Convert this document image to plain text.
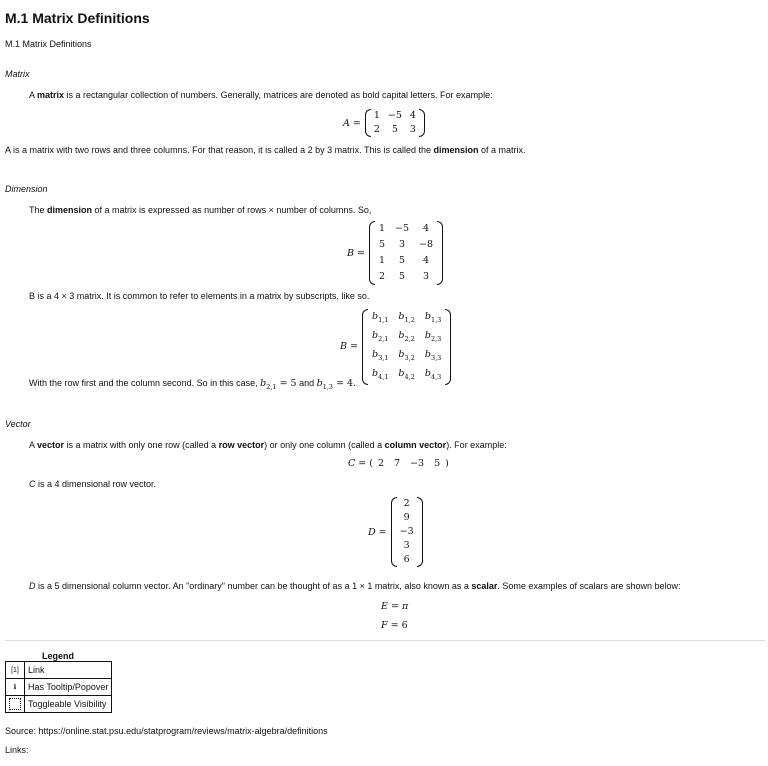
M.1 Matrix Definitions
M.1 Matrix Definitions
Matrix
A matrix is a rectangular collection of numbers. Generally, matrices are denoted as bold capital letters. For example:
A =
1	−5	4
2	5	3
A is a matrix with two rows and three columns. For that reason, it is called a 2 by 3 matrix. This is called the dimension of a matrix.
Dimension
The dimension of a matrix is expressed as number of rows × number of columns. So,
B =
1	−5	4
5	3	−8
1	5	4
2	5	3
B is a 4 × 3 matrix. It is common to refer to elements in a matrix by subscripts, like so.
B =
$b_{1,1}$	$b_{1,2}$	$b_{1,3}$
$b_{2,1}$	$b_{2,2}$	$b_{2,3}$
$b_{3,1}$	$b_{3,2}$	$b_{3,3}$
$b_{4,1}$	$b_{4,2}$	$b_{4,3}$
With the row first and the column second. So in this case, $b_{2,1} = 5$ and $b_{1,3} = 4$.
Vector
A vector is a matrix with only one row (called a row vector) or only one column (called a column vector). For example:
C = ( 2 7 −3 5 )
C is a 4 dimensional row vector.
D =
2
9
−3
3
6
D is a 5 dimensional column vector. An "ordinary" number can be thought of as a 1 × 1 matrix, also known as a scalar. Some examples of scalars are shown below:
E = π
F = 6
Legend
[1]	Link
ℹ	Has Tooltip/Popover
	Toggleable Visibility
Source: https://online.stat.psu.edu/statprogram/reviews/matrix-algebra/definitions
Links:
